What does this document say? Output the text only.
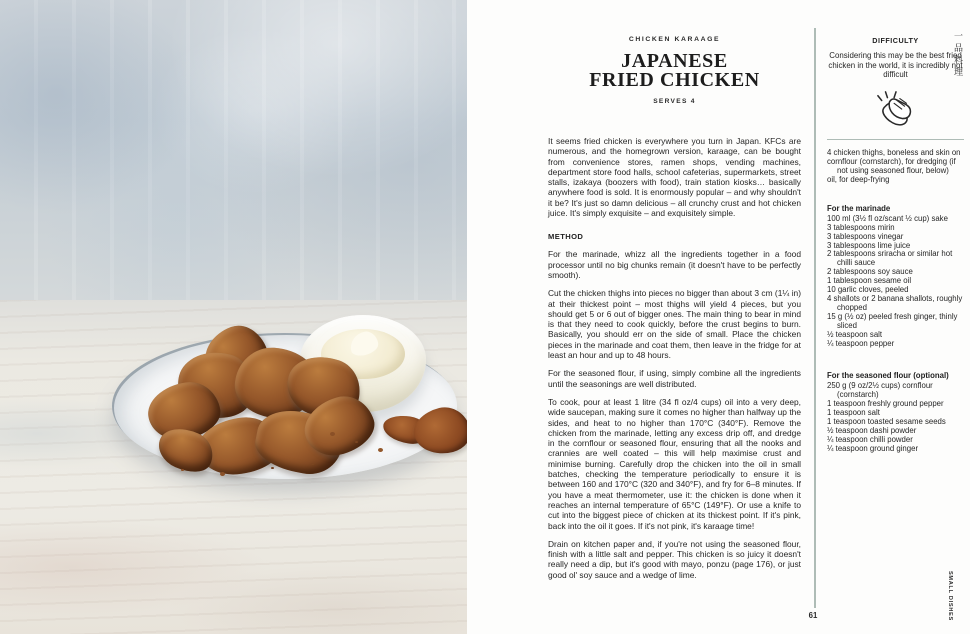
CHICKEN KARAAGE
JAPANESE
FRIED CHICKEN
SERVES 4

It seems fried chicken is everywhere you turn in Japan. KFCs are numerous, and the homegrown version, karaage, can be bought from convenience stores, ramen shops, vending machines, department store food halls, school cafeterias, supermarkets, street stalls, izakaya (boozers with food), train station kiosks… basically anywhere food is sold. It is enormously popular – and why shouldn't it be? It's just so damn delicious – all crunchy crust and hot chicken juice. It's simply exquisite – and exquisitely simple.

METHOD

For the marinade, whizz all the ingredients together in a food processor until no big chunks remain (it doesn't have to be perfectly smooth).

Cut the chicken thighs into pieces no bigger than about 3 cm (1¼ in) at their thickest point – most thighs will yield 4 pieces, but you should get 5 or 6 out of bigger ones. The main thing to bear in mind is that they need to cook quickly, before the crust begins to burn. Basically, you should err on the side of small. Place the chicken pieces in the marinade and coat them, then leave in the fridge for at least an hour and up to 48 hours.

For the seasoned flour, if using, simply combine all the ingredients until the seasonings are well distributed.

To cook, pour at least 1 litre (34 fl oz/4 cups) oil into a very deep, wide saucepan, making sure it comes no higher than halfway up the sides, and heat to no higher than 170°C (340°F). Remove the chicken from the marinade, letting any excess drip off, and dredge in the cornflour or seasoned flour, ensuring that all the nooks and crannies are well coated – this will help maximise crust and minimise burning. Carefully drop the chicken into the oil in small batches, checking the temperature periodically to ensure it is between 160 and 170°C (320 and 340°F), and fry for 6–8 minutes. If you have a meat thermometer, use it: the chicken is done when it reaches an internal temperature of 65°C (149°F). Or use a knife to cut into the biggest piece of chicken at its thickest point. If it's pink, back into the oil it goes. If it's not pink, it's karaage time!

Drain on kitchen paper and, if you're not using the seasoned flour, finish with a little salt and pepper. This chicken is so juicy it doesn't really need a dip, but it's good with mayo, ponzu (page 176), or just good ol' soy sauce and a wedge of lime.

DIFFICULTY

Considering this may be the best fried chicken in the world, it is incredibly not difficult

4 chicken thighs, boneless and skin on
cornflour (cornstarch), for dredging (if not using seasoned flour, below)
oil, for deep-frying
For the marinade
100 ml (3½ fl oz/scant ½ cup) sake
3 tablespoons mirin
3 tablespoons vinegar
3 tablespoons lime juice
2 tablespoons sriracha or similar hot chilli sauce
2 tablespoons soy sauce
1 tablespoon sesame oil
10 garlic cloves, peeled
4 shallots or 2 banana shallots, roughly chopped
15 g (½ oz) peeled fresh ginger, thinly sliced
½ teaspoon salt
¼ teaspoon pepper
For the seasoned flour (optional)
250 g (9 oz/2½ cups) cornflour (cornstarch)
1 teaspoon freshly ground pepper
1 teaspoon salt
1 teaspoon toasted sesame seeds
½ teaspoon dashi powder
¼ teaspoon chilli powder
¼ teaspoon ground ginger
一品料理
SMALL DISHES
61
